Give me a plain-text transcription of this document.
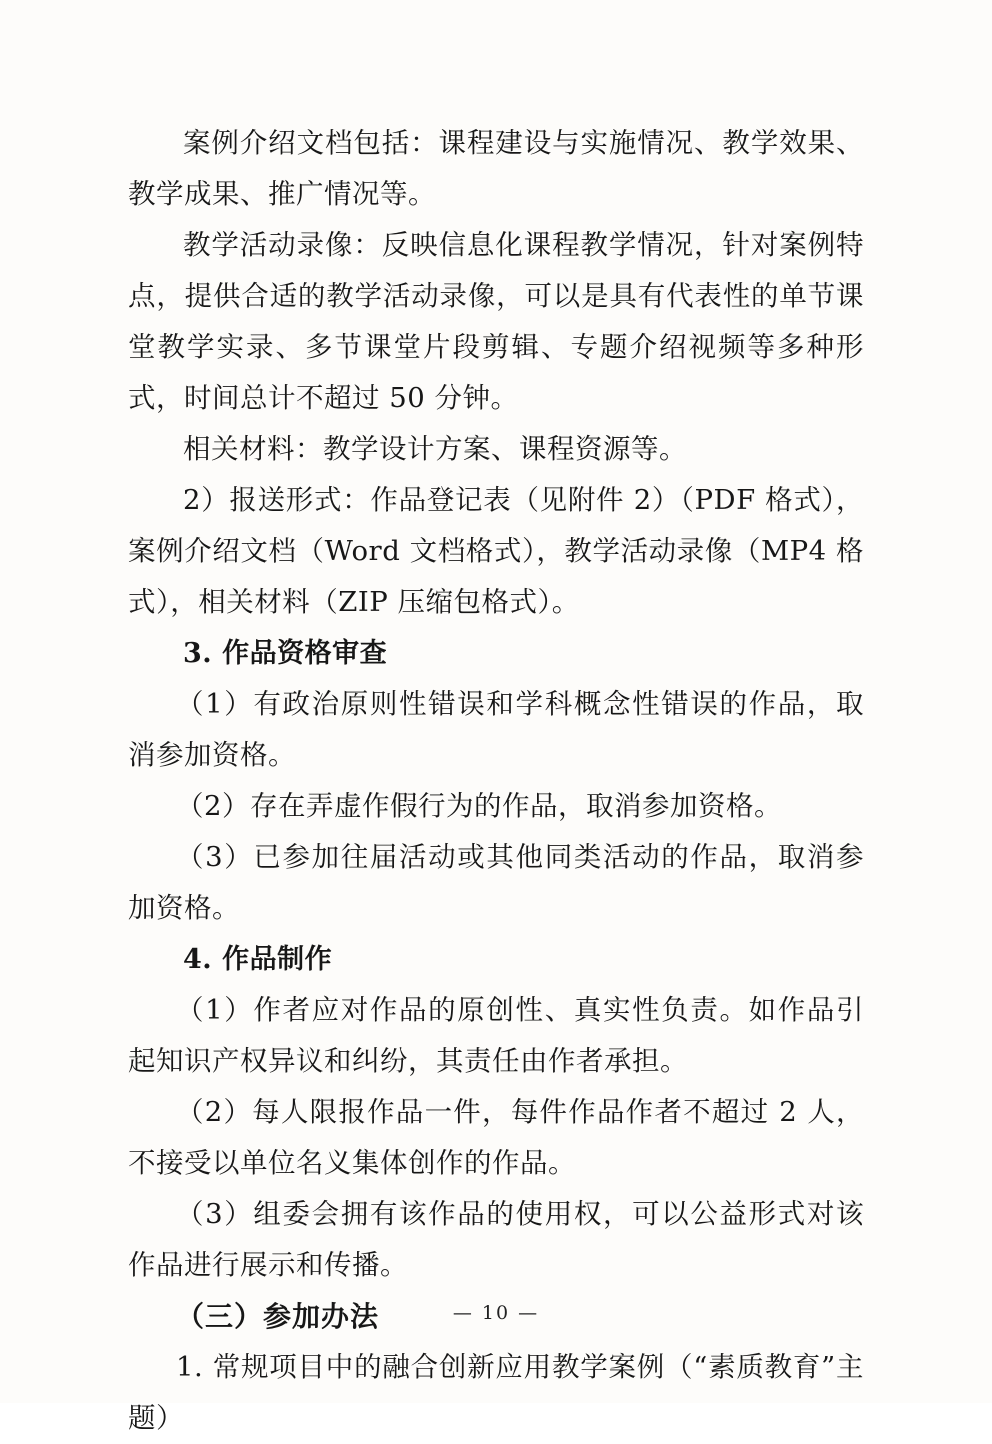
案例介绍文档包括：课程建设与实施情况、教学效果、教学成果、推广情况等。

教学活动录像：反映信息化课程教学情况，针对案例特点，提供合适的教学活动录像，可以是具有代表性的单节课堂教学实录、多节课堂片段剪辑、专题介绍视频等多种形式，时间总计不超过 50 分钟。

相关材料：教学设计方案、课程资源等。

2）报送形式：作品登记表（见附件 2）（PDF 格式），案例介绍文档（Word 文档格式），教学活动录像（MP4 格式），相关材料（ZIP 压缩包格式）。

3. 作品资格审查

（1）有政治原则性错误和学科概念性错误的作品，取消参加资格。

（2）存在弄虚作假行为的作品，取消参加资格。

（3）已参加往届活动或其他同类活动的作品，取消参加资格。

4. 作品制作

（1）作者应对作品的原创性、真实性负责。如作品引起知识产权异议和纠纷，其责任由作者承担。

（2）每人限报作品一件，每件作品作者不超过 2 人，不接受以单位名义集体创作的作品。

（3）组委会拥有该作品的使用权，可以公益形式对该作品进行展示和传播。

（三）参加办法

1. 常规项目中的融合创新应用教学案例（“素质教育”主题）

— 10 —
